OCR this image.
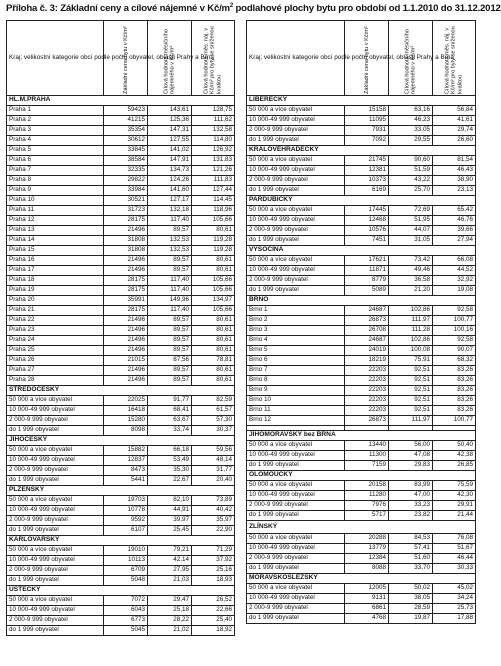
Příloha č. 3: Základní ceny a cílové nájemné v $Kč/m^2$ podlahové plochy bytu pro období od 1.1.2010 do 31.12.2012
Kraj; velikostní kategorie obcí podle počtu obyvatel, oblasti Prahy a Brna	Základní cena bytu v Kč/m²	Cílová hodnota měsíčního nájemného v Kč/m²	Cílová hodnota měs. náj. v Kč/m² pro byty se sníženou kvalitou

HL.M.PRAHA			
Praha 1	59423	143,61	128,75
Praha 2	41215	125,36	111,62
Praha 3	35354	147,31	132,58
Praha 4	30612	127,55	114,80
Praha 5	33845	141,02	126,92
Praha 6	38584	147,91	131,83
Praha 7	32335	134,73	121,26
Praha 8	29822	124,26	111,83
Praha 9	33984	141,60	127,44
Praha 10	30521	127,17	114,45
Praha 11	31723	132,18	118,96
Praha 12	28175	117,40	105,66
Praha 13	21496	89,57	80,61
Praha 14	31808	132,53	119,28
Praha 15	31808	132,53	119,28
Praha 16	21496	89,57	80,61
Praha 17	21496	89,57	80,61
Praha 18	28175	117,40	105,66
Praha 19	28175	117,40	105,66
Praha 20	35991	149,96	134,97
Praha 21	28175	117,40	105,66
Praha 22	21496	89,57	80,61
Praha 23	21496	89,57	80,61
Praha 24	21496	89,57	80,61
Praha 25	21496	89,57	80,61
Praha 26	21015	87,56	78,81
Praha 27	21496	89,57	80,61
Praha 28	21496	89,57	80,61
STŘEDOČESKÝ			
50 000 a více obyvatel	22025	91,77	82,59
10 000-49 999 obyvatel	16418	68,41	61,57
2 000-9 999 obyvatel	15280	63,67	57,30
do 1 999 obyvatel	8098	33,74	30,37
JIHOČESKÝ			
50 000 a více obyvatel	15882	66,18	59,56
10 000-49 999 obyvatel	12837	53,49	48,14
2 000-9 999 obyvatel	8473	35,30	31,77
do 1 999 obyvatel	5441	22,67	20,40
PLZEŇSKÝ			
50 000 a více obyvatel	19703	82,10	73,89
10 000-49 999 obyvatel	10778	44,91	40,42
2 000-9 999 obyvatel	9592	39,97	35,97
do 1 999 obyvatel	6107	25,45	22,90
KARLOVARSKÝ			
50 000 a více obyvatel	19010	79,21	71,29
10 000-49 999 obyvatel	10113	42,14	37,92
2 000-9 999 obyvatel	6709	27,95	25,16
do 1 999 obyvatel	5048	21,03	18,93
ÚSTECKÝ			
50 000 a více obyvatel	7072	29,47	26,52
10 000-49 999 obyvatel	6043	25,18	22,66
2 000-9 999 obyvatel	6773	28,22	25,40
do 1 999 obyvatel	5045	21,02	18,92
Kraj; velikostní kategorie obcí podle počtu obyvatel, oblasti Prahy a Brna	Základní cena bytu v Kč/m²	Cílová hodnota měsíčního nájemného v Kč/m²	Cílová hodnota měs. náj. v Kč/m² pro byty se sníženou kvalitou

LIBERECKÝ			
50 000 a více obyvatel	15158	63,16	56,84
10 000-49 999 obyvatel	11095	46,23	41,61
2 000-9 999 obyvatel	7931	33,05	29,74
do 1 999 obyvatel	7092	29,55	26,60
KRÁLOVÉHRADECKÝ			
50 000 a více obyvatel	21745	90,60	81,54
10 000-49 999 obyvatel	12381	51,59	46,43
2 000-9 999 obyvatel	10373	43,22	38,90
do 1 999 obyvatel	6169	25,70	23,13
PARDUBICKÝ			
50 000 a více obyvatel	17445	72,69	65,42
10 000-49 999 obyvatel	12468	51,95	46,76
2 000-9 999 obyvatel	10576	44,07	39,66
do 1 999 obyvatel	7451	31,05	27,94
VYSOČINA			
50 000 a více obyvatel	17621	73,42	66,08
10 000-49 999 obyvatel	11871	49,46	44,52
2 000-9 999 obyvatel	8779	36,58	32,92
do 1 999 obyvatel	5089	21,20	19,08
BRNO			
Brno 1	24687	102,86	92,58
Brno 2	26873	111,97	100,77
Brno 3	26708	111,28	100,16
Brno 4	24687	102,86	92,58
Brno 5	24019	100,08	90,07
Brno 6	18219	75,91	68,32
Brno 7	22203	92,51	83,26
Brno 8	22203	92,51	83,26
Brno 9	22203	92,51	83,26
Brno 10	22203	92,51	83,26
Brno 11	22203	92,51	83,26
Brno 12	26873	111,97	100,77

JIHOMORAVSKÝ bez BRNA			
50 000 a více obyvatel	13440	56,00	50,40
10 000-49 999 obyvatel	11300	47,08	42,38
do 1 999 obyvatel	7159	29,83	26,85
OLOMOUCKÝ			
50 000 a více obyvatel	20158	83,99	75,59
10 000-49 999 obyvatel	11280	47,00	42,30
2 000-9 999 obyvatel	7976	33,23	29,91
do 1 999 obyvatel	5717	23,82	21,44
ZLÍNSKÝ			
50 000 a více obyvatel	20288	84,53	76,08
10 000-49 999 obyvatel	13779	57,41	51,67
2 000-9 999 obyvatel	12384	51,60	46,44
do 1 999 obyvatel	8088	33,70	30,33
MORAVSKOSLEZSKÝ			
50 000 a více obyvatel	12005	50,02	45,02
10 000-49 999 obyvatel	9131	38,05	34,24
2 000-9 999 obyvatel	6861	28,59	25,73
do 1 999 obyvatel	4768	19,87	17,88
